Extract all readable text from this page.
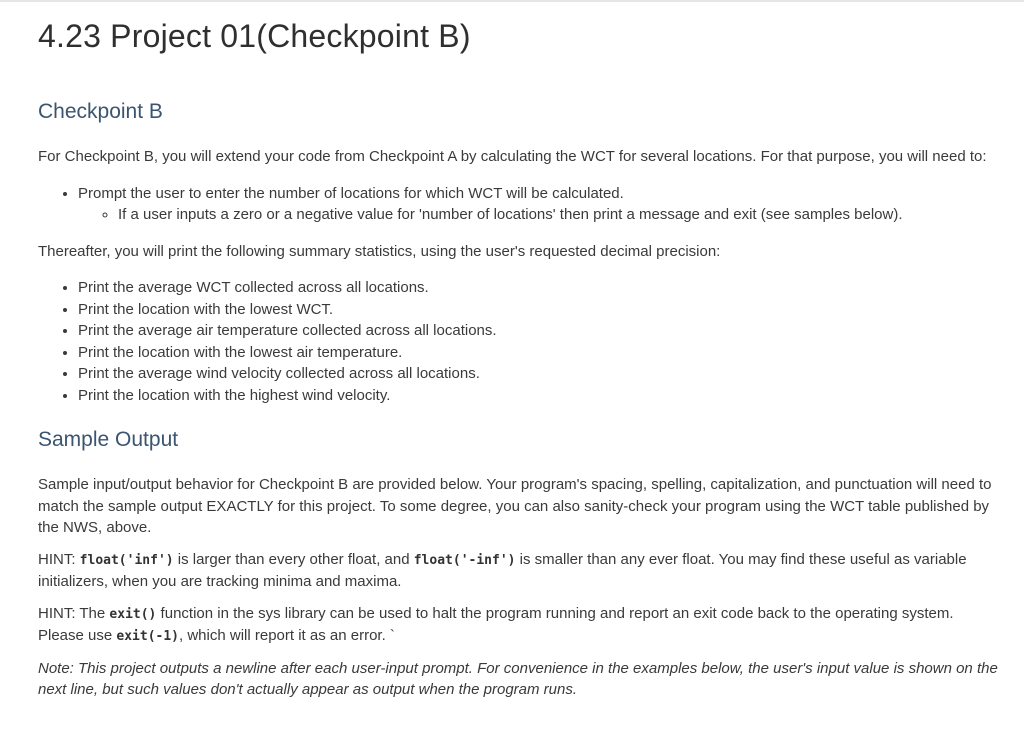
4.23 Project 01(Checkpoint B)
Checkpoint B

For Checkpoint B, you will extend your code from Checkpoint A by calculating the WCT for several locations. For that purpose, you will need to:

• Prompt the user to enter the number of locations for which WCT will be calculated.
◦ If a user inputs a zero or a negative value for 'number of locations' then print a message and exit (see samples below).

Thereafter, you will print the following summary statistics, using the user's requested decimal precision:

• Print the average WCT collected across all locations.
• Print the location with the lowest WCT.
• Print the average air temperature collected across all locations.
• Print the location with the lowest air temperature.
• Print the average wind velocity collected across all locations.
• Print the location with the highest wind velocity.
Sample Output

Sample input/output behavior for Checkpoint B are provided below. Your program's spacing, spelling, capitalization, and punctuation will need to match the sample output EXACTLY for this project. To some degree, you can also sanity-check your program using the WCT table published by the NWS, above.

HINT: float('inf') is larger than every other float, and float('-inf') is smaller than any ever float. You may find these useful as variable initializers, when you are tracking minima and maxima.

HINT: The exit() function in the sys library can be used to halt the program running and report an exit code back to the operating system. Please use exit(-1), which will report it as an error. `

Note: This project outputs a newline after each user-input prompt. For convenience in the examples below, the user's input value is shown on the next line, but such values don't actually appear as output when the program runs.
